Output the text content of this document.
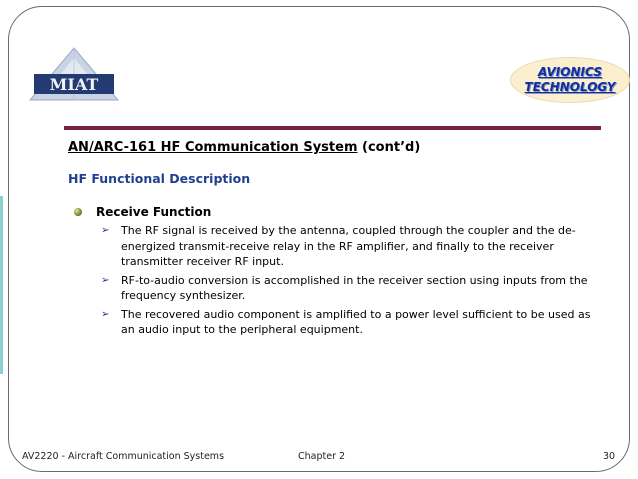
MIAT
AVIONICS
TECHNOLOGY
AN/ARC-161 HF Communication System (cont’d)
HF Functional Description
Receive Function
➢	The RF signal is received by the antenna, coupled through the coupler and the de-energized transmit-receive relay in the RF amplifier, and finally to the receiver transmitter receiver RF input.
➢	RF-to-audio conversion is accomplished in the receiver section using inputs from the frequency synthesizer.
➢	The recovered audio component is amplified to a power level sufficient to be used as an audio input to the peripheral equipment.
AV2220 - Aircraft Communication Systems	Chapter 2	30
